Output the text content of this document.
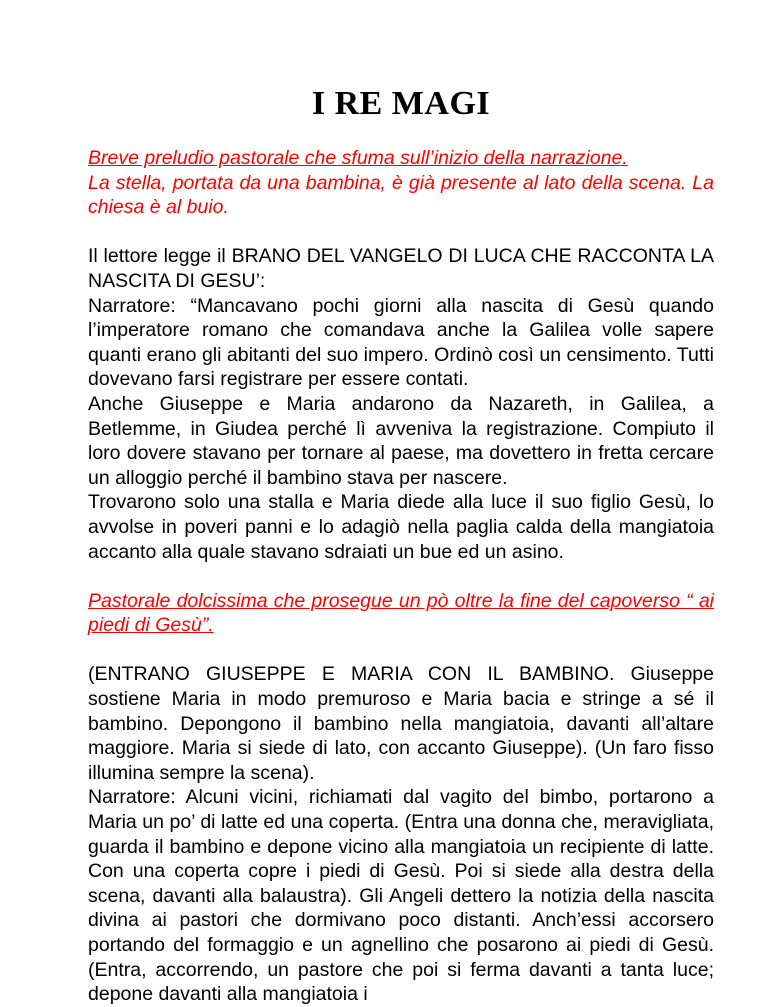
I RE MAGI

Breve preludio pastorale che sfuma sull’inizio della narrazione.
La stella, portata da una bambina, è già presente al lato della scena. La chiesa è al buio.

Il lettore legge il BRANO DEL VANGELO DI LUCA CHE RACCONTA LA NASCITA DI GESU’:

Narratore: “Mancavano pochi giorni alla nascita di Gesù quando l’imperatore romano che comandava anche la Galilea volle sapere quanti erano gli abitanti del suo impero. Ordinò così un censimento. Tutti dovevano farsi registrare per essere contati.

Anche Giuseppe e Maria andarono da Nazareth, in Galilea, a Betlemme, in Giudea perché lì avveniva la registrazione. Compiuto il loro dovere stavano per tornare al paese, ma dovettero in fretta cercare un alloggio perché il bambino stava per nascere.

Trovarono solo una stalla e Maria diede alla luce il suo figlio Gesù, lo avvolse in poveri panni e lo adagiò nella paglia calda della mangiatoia accanto alla quale stavano sdraiati un bue ed un asino.

Pastorale dolcissima che prosegue un pò oltre la fine del capoverso “ ai piedi di Gesù”.

(ENTRANO GIUSEPPE E MARIA CON IL BAMBINO. Giuseppe sostiene Maria in modo premuroso e Maria bacia e stringe a sé il bambino. Depongono il bambino nella mangiatoia, davanti all’altare maggiore. Maria si siede di lato, con accanto Giuseppe). (Un faro fisso illumina sempre la scena).

Narratore: Alcuni vicini, richiamati dal vagito del bimbo, portarono a Maria un po’ di latte ed una coperta. (Entra una donna che, meravigliata, guarda il bambino e depone vicino alla mangiatoia un recipiente di latte. Con una coperta copre i piedi di Gesù. Poi si siede alla destra della scena, davanti alla balaustra). Gli Angeli dettero la notizia della nascita divina ai pastori che dormivano poco distanti. Anch’essi accorsero portando del formaggio e un agnellino che posarono ai piedi di Gesù. (Entra, accorrendo, un pastore che poi si ferma davanti a tanta luce; depone davanti alla mangiatoia i
